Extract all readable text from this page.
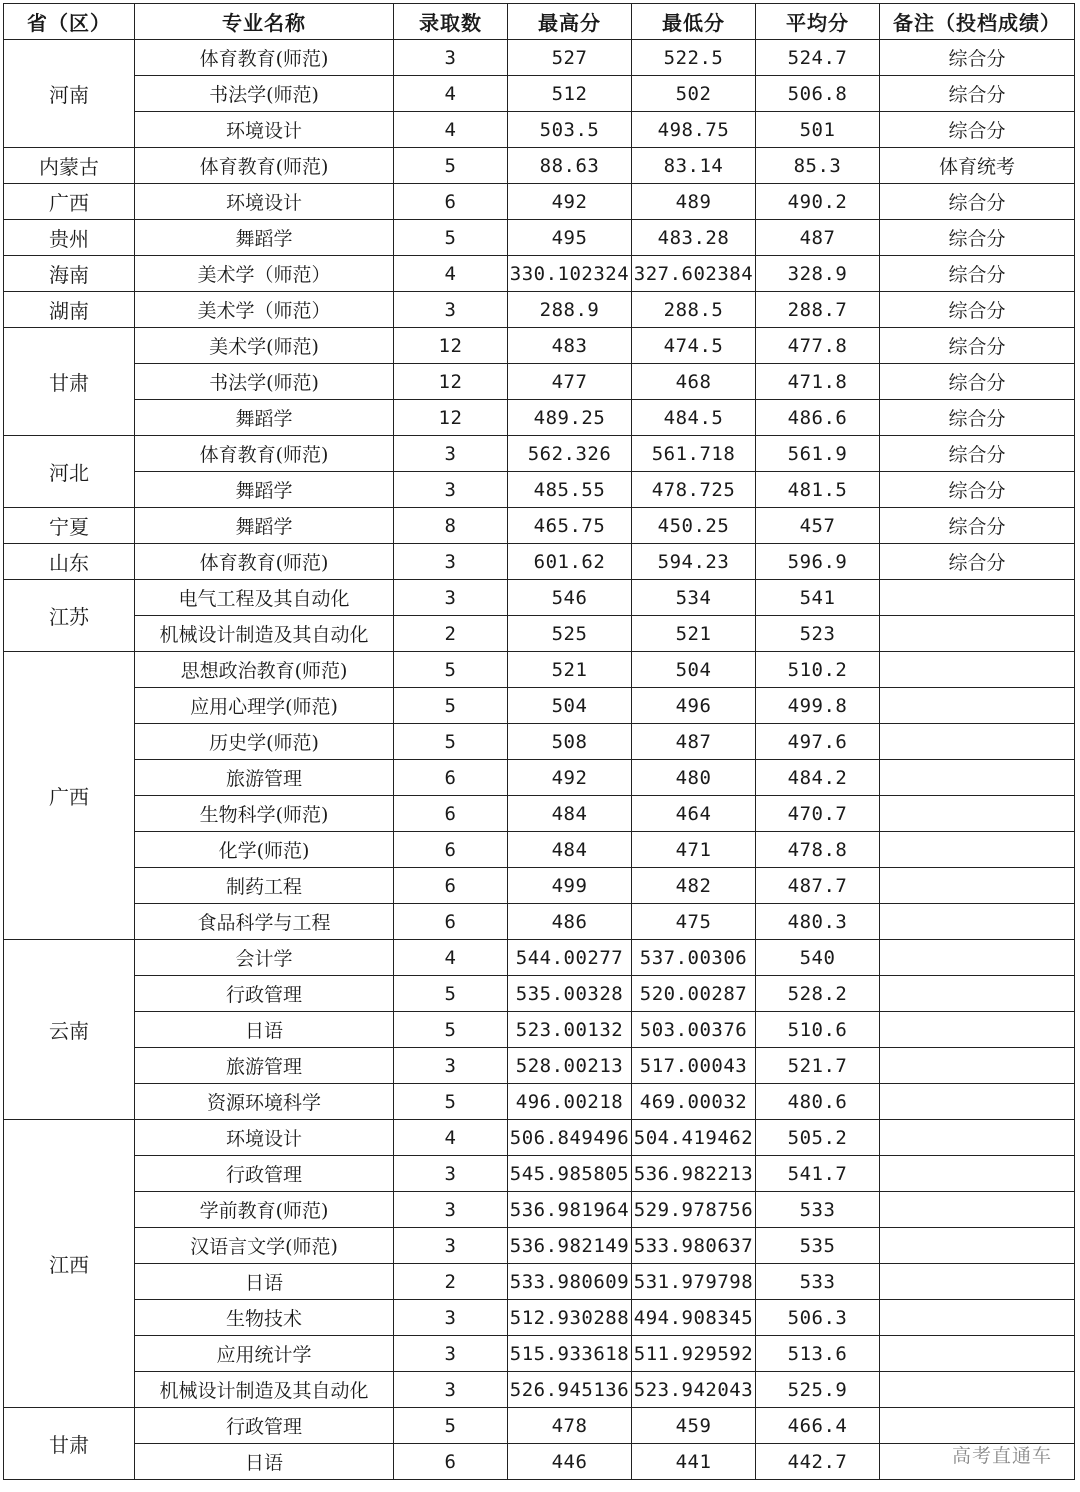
省（区）	专业名称	录取数	最高分	最低分	平均分	备注（投档成绩）
河南	体育教育(师范)	3	527	522.5	524.7	综合分
	书法学(师范)	4	512	502	506.8	综合分
	环境设计	4	503.5	498.75	501	综合分
内蒙古	体育教育(师范)	5	88.63	83.14	85.3	体育统考
广西	环境设计	6	492	489	490.2	综合分
贵州	舞蹈学	5	495	483.28	487	综合分
海南	美术学（师范）	4	330.102324	327.602384	328.9	综合分
湖南	美术学（师范）	3	288.9	288.5	288.7	综合分
甘肃	美术学(师范)	12	483	474.5	477.8	综合分
	书法学(师范)	12	477	468	471.8	综合分
	舞蹈学	12	489.25	484.5	486.6	综合分
河北	体育教育(师范)	3	562.326	561.718	561.9	综合分
	舞蹈学	3	485.55	478.725	481.5	综合分
宁夏	舞蹈学	8	465.75	450.25	457	综合分
山东	体育教育(师范)	3	601.62	594.23	596.9	综合分
江苏	电气工程及其自动化	3	546	534	541	
	机械设计制造及其自动化	2	525	521	523	
广西	思想政治教育(师范)	5	521	504	510.2	
	应用心理学(师范)	5	504	496	499.8	
	历史学(师范)	5	508	487	497.6	
	旅游管理	6	492	480	484.2	
	生物科学(师范)	6	484	464	470.7	
	化学(师范)	6	484	471	478.8	
	制药工程	6	499	482	487.7	
	食品科学与工程	6	486	475	480.3	
云南	会计学	4	544.00277	537.00306	540	
	行政管理	5	535.00328	520.00287	528.2	
	日语	5	523.00132	503.00376	510.6	
	旅游管理	3	528.00213	517.00043	521.7	
	资源环境科学	5	496.00218	469.00032	480.6	
江西	环境设计	4	506.849496	504.419462	505.2	
	行政管理	3	545.985805	536.982213	541.7	
	学前教育(师范)	3	536.981964	529.978756	533	
	汉语言文学(师范)	3	536.982149	533.980637	535	
	日语	2	533.980609	531.979798	533	
	生物技术	3	512.930288	494.908345	506.3	
	应用统计学	3	515.933618	511.929592	513.6	
	机械设计制造及其自动化	3	526.945136	523.942043	525.9	
甘肃	行政管理	5	478	459	466.4	
	日语	6	446	441	442.7		高考直通车
